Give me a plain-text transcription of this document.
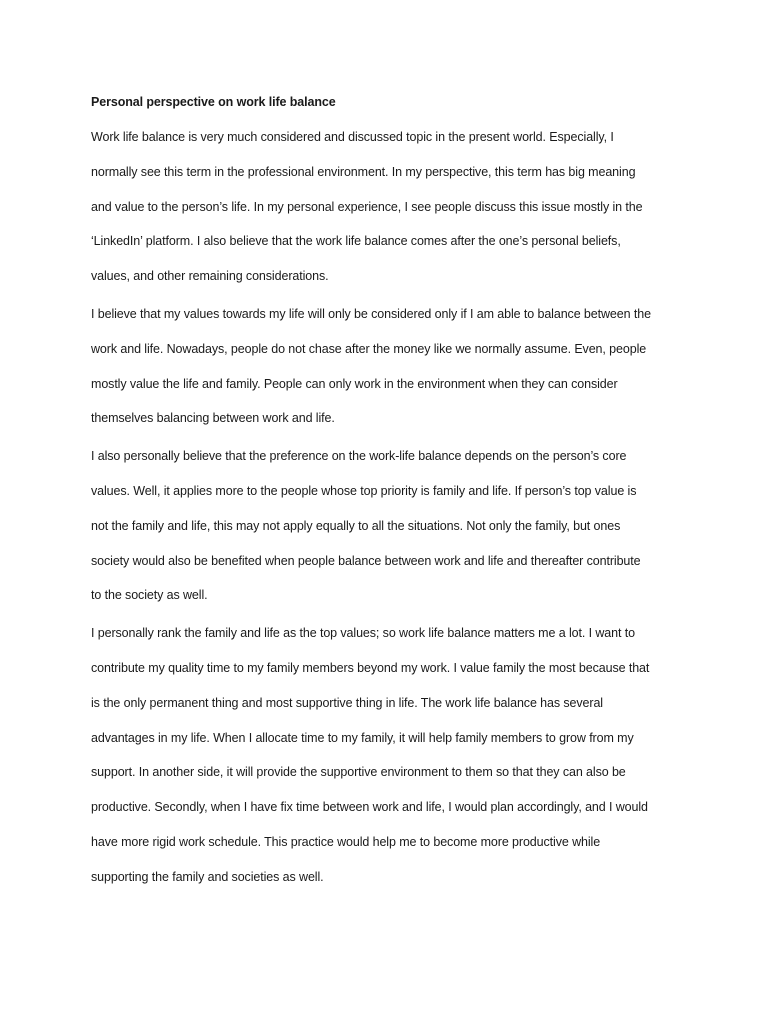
Personal perspective on work life balance

Work life balance is very much considered and discussed topic in the present world. Especially, I
normally see this term in the professional environment. In my perspective, this term has big meaning
and value to the person’s life. In my personal experience, I see people discuss this issue mostly in the
‘LinkedIn’ platform. I also believe that the work life balance comes after the one’s personal beliefs,
values, and other remaining considerations.
I believe that my values towards my life will only be considered only if I am able to balance between the
work and life. Nowadays, people do not chase after the money like we normally assume. Even, people
mostly value the life and family. People can only work in the environment when they can consider
themselves balancing between work and life.
I also personally believe that the preference on the work-life balance depends on the person’s core
values. Well, it applies more to the people whose top priority is family and life. If person’s top value is
not the family and life, this may not apply equally to all the situations. Not only the family, but ones
society would also be benefited when people balance between work and life and thereafter contribute
to the society as well.
I personally rank the family and life as the top values; so work life balance matters me a lot. I want to
contribute my quality time to my family members beyond my work. I value family the most because that
is the only permanent thing and most supportive thing in life. The work life balance has several
advantages in my life. When I allocate time to my family, it will help family members to grow from my
support. In another side, it will provide the supportive environment to them so that they can also be
productive. Secondly, when I have fix time between work and life, I would plan accordingly, and I would
have more rigid work schedule. This practice would help me to become more productive while
supporting the family and societies as well.
